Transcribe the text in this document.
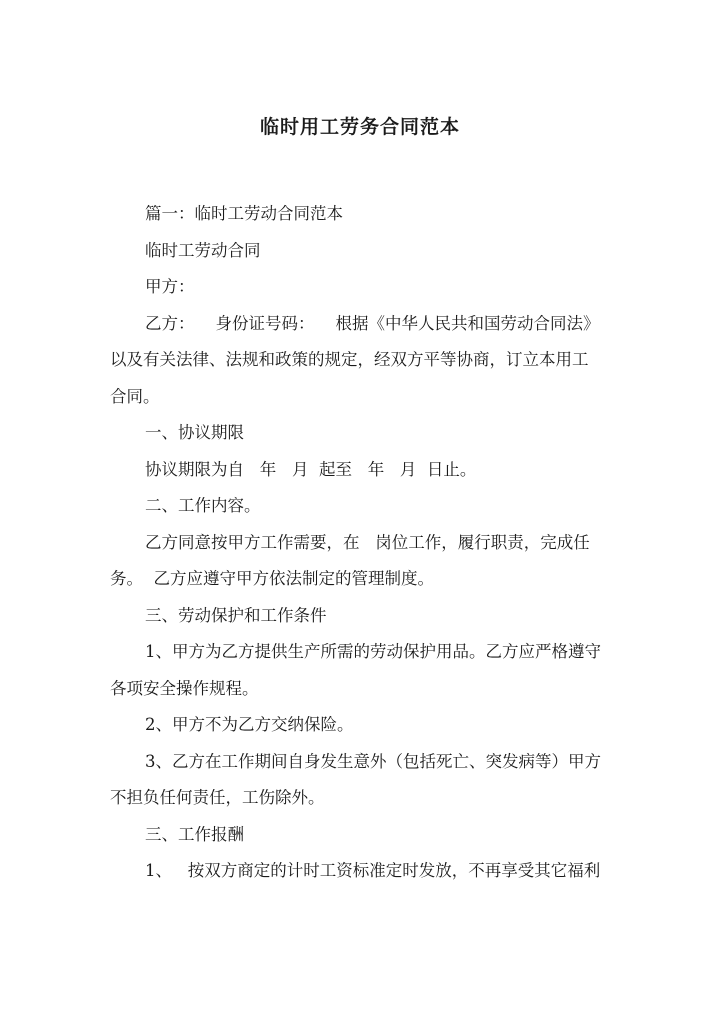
临时用工劳务合同范本
篇一：临时工劳动合同范本
临时工劳动合同
甲方：
乙方：    身份证号码：    根据《中华人民共和国劳动合同法》
以及有关法律、法规和政策的规定，经双方平等协商，订立本用工
合同。
一、协议期限
协议期限为自   年   月  起至   年   月  日止。
二、工作内容。
乙方同意按甲方工作需要，在   岗位工作，履行职责，完成任
务。  乙方应遵守甲方依法制定的管理制度。
三、劳动保护和工作条件
1、甲方为乙方提供生产所需的劳动保护用品。乙方应严格遵守
各项安全操作规程。
2、甲方不为乙方交纳保险。
3、乙方在工作期间自身发生意外（包括死亡、突发病等）甲方
不担负任何责任，工伤除外。
三、工作报酬
1、   按双方商定的计时工资标准定时发放，不再享受其它福利
